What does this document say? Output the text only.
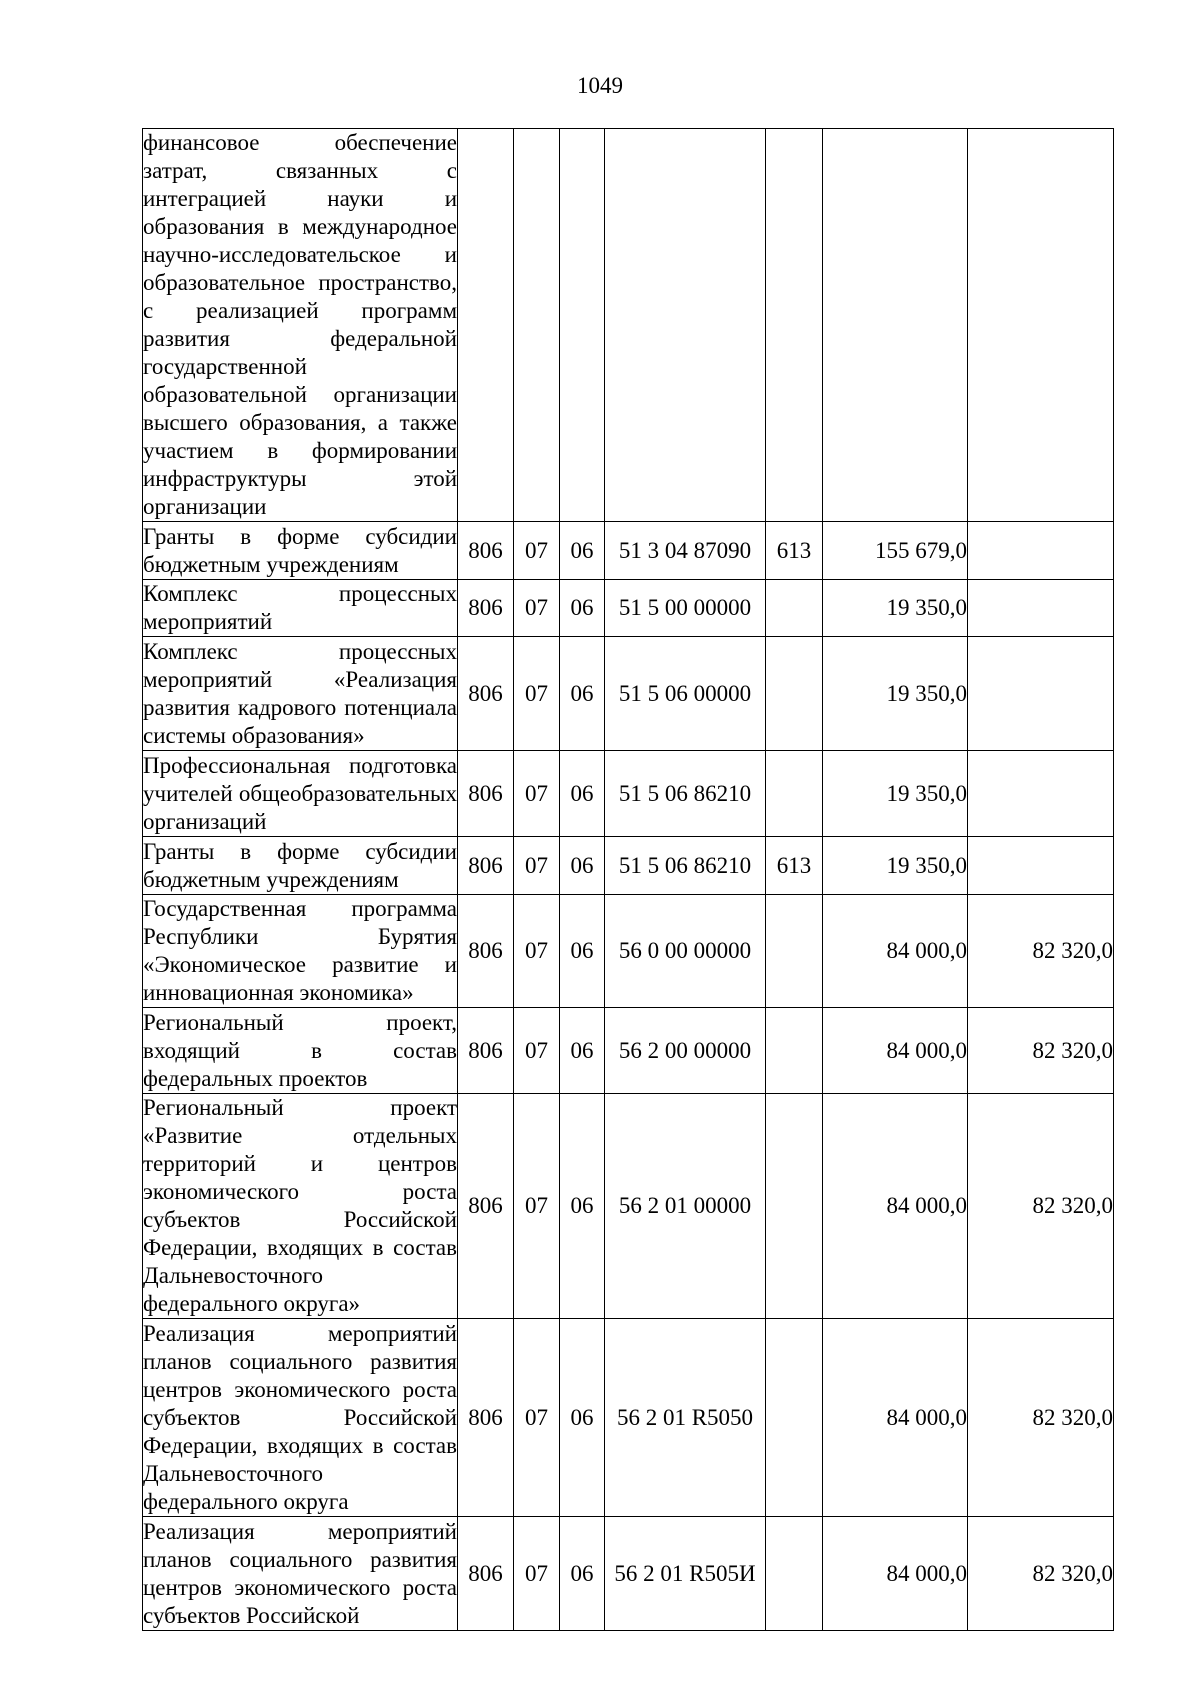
1049
финансовое обеспечение затрат, связанных с интеграцией науки и образования в международное научно-исследовательское и образовательное пространство, с реализацией программ развития федеральной государственной образовательной организации высшего образования, а также участием в формировании инфраструктуры этой организации							
Гранты в форме субсидии бюджетным учреждениям	806	07	06	51 3 04 87090	613	155 679,0	
Комплекс процессных мероприятий	806	07	06	51 5 00 00000		19 350,0	
Комплекс процессных мероприятий «Реализация развития кадрового потенциала системы образования»	806	07	06	51 5 06 00000		19 350,0	
Профессиональная подготовка учителей общеобразовательных организаций	806	07	06	51 5 06 86210		19 350,0	
Гранты в форме субсидии бюджетным учреждениям	806	07	06	51 5 06 86210	613	19 350,0	
Государственная программа Республики Бурятия «Экономическое развитие и инновационная экономика»	806	07	06	56 0 00 00000		84 000,0	82 320,0
Региональный проект, входящий в состав федеральных проектов	806	07	06	56 2 00 00000		84 000,0	82 320,0
Региональный проект «Развитие отдельных территорий и центров экономического роста субъектов Российской Федерации, входящих в состав Дальневосточного федерального округа»	806	07	06	56 2 01 00000		84 000,0	82 320,0
Реализация мероприятий планов социального развития центров экономического роста субъектов Российской Федерации, входящих в состав Дальневосточного федерального округа	806	07	06	56 2 01 R5050		84 000,0	82 320,0
Реализация мероприятий планов социального развития центров экономического роста субъектов Российской	806	07	06	56 2 01 R505И		84 000,0	82 320,0
